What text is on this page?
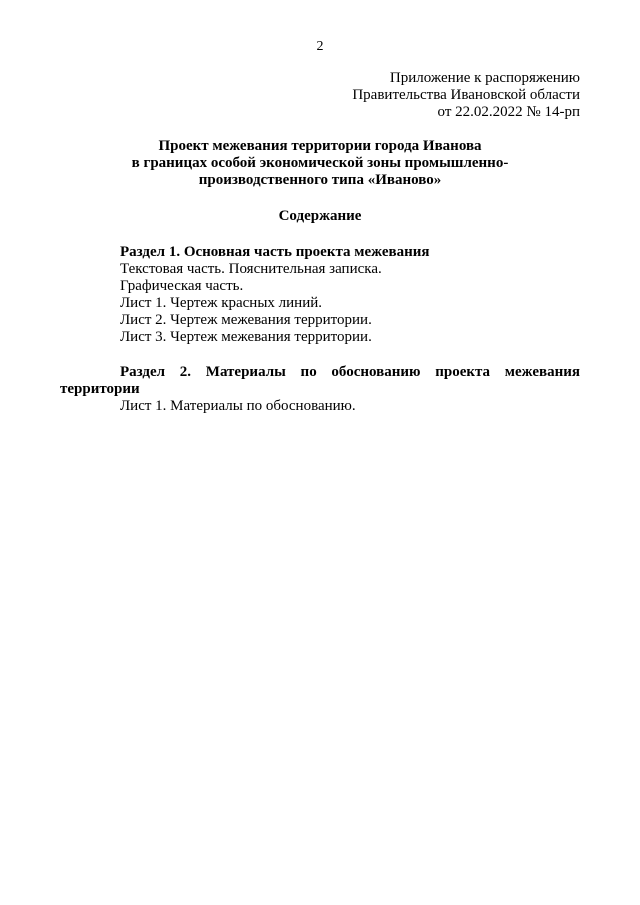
2
Приложение к распоряжению
Правительства Ивановской области
от 22.02.2022 № 14-рп
Проект межевания территории города Иванова
в границах особой экономической зоны промышленно-
производственного типа «Иваново»
Содержание
Раздел 1. Основная часть проекта межевания
Текстовая часть. Пояснительная записка.
Графическая часть.
Лист 1. Чертеж красных линий.
Лист 2. Чертеж межевания территории.
Лист 3. Чертеж межевания территории.
Раздел 2. Материалы по обоснованию проекта межевания территории
Лист 1. Материалы по обоснованию.
